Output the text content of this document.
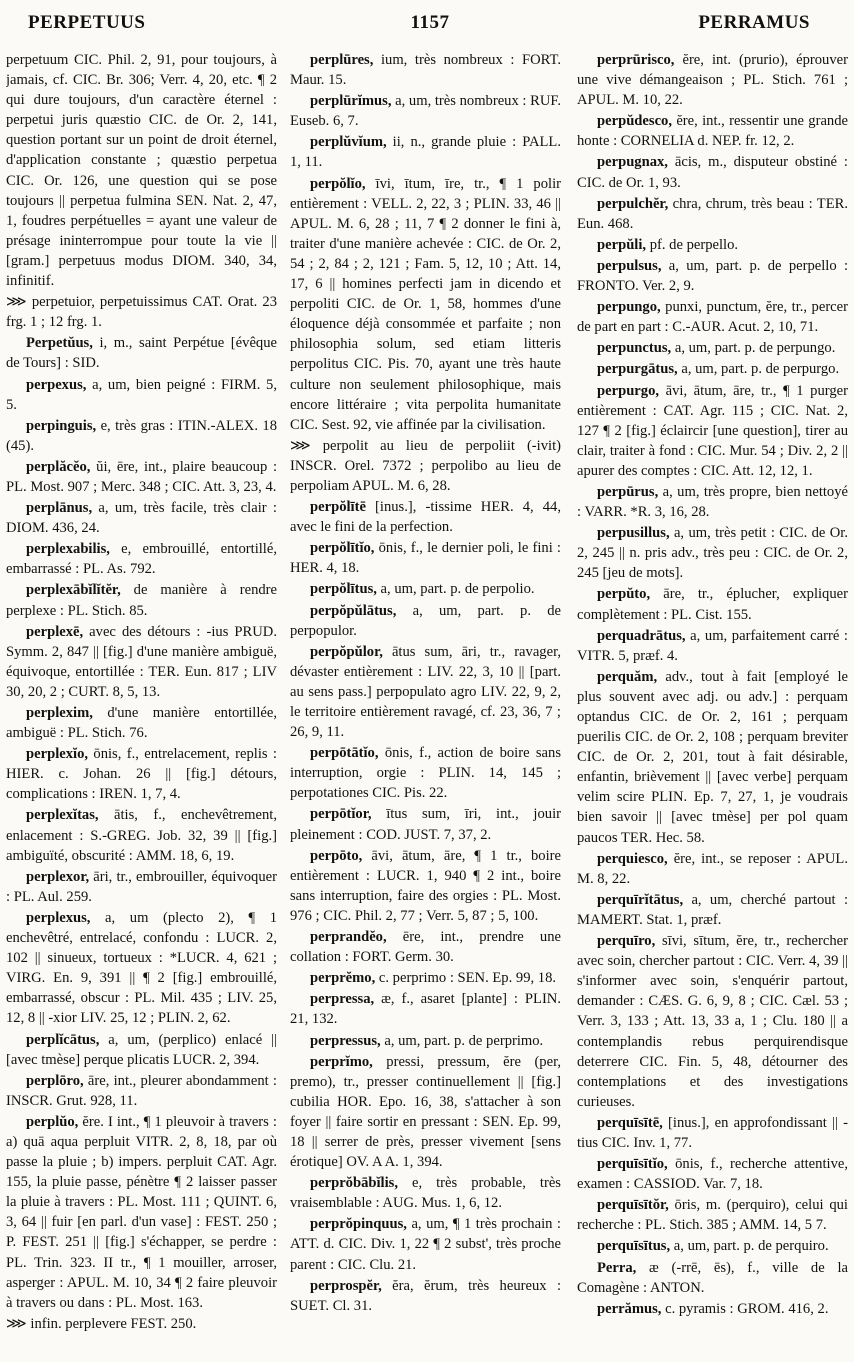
PERPETUUS	1157	PERRAMUS

perpetuum CIC. Phil. 2, 91, pour toujours, à jamais, cf. CIC. Br. 306; Verr. 4, 20, etc. ¶ 2 qui dure toujours, d'un caractère éternel : perpetui juris quæstio CIC. de Or. 2, 141, question portant sur un point de droit éternel, d'application constante ; quæstio perpetua CIC. Or. 126, une question qui se pose toujours || perpetua fulmina SEN. Nat. 2, 47, 1, foudres perpétuelles = ayant une valeur de présage ininterrompue pour toute la vie || [gram.] perpetuus modus DIOM. 340, 34, infinitif.

⋙ perpetuior, perpetuissimus CAT. Orat. 23 frg. 1 ; 12 frg. 1.

Perpetŭus, i, m., saint Perpétue [évêque de Tours] : SID.

perpexus, a, um, bien peigné : FIRM. 5, 5.

perpinguis, e, très gras : ITIN.-ALEX. 18 (45).

perplăcĕo, ŭi, ēre, int., plaire beaucoup : PL. Most. 907 ; Merc. 348 ; CIC. Att. 3, 23, 4.

perplānus, a, um, très facile, très clair : DIOM. 436, 24.

perplexabilis, e, embrouillé, entortillé, embarrassé : PL. As. 792.

perplexābĭlĭtĕr, de manière à rendre perplexe : PL. Stich. 85.

perplexē, avec des détours : -ius PRUD. Symm. 2, 847 || [fig.] d'une manière ambiguë, équivoque, entortillée : TER. Eun. 817 ; LIV 30, 20, 2 ; CURT. 8, 5, 13.

perplexim, d'une manière entortillée, ambiguë : PL. Stich. 76.

perplexĭo, ōnis, f., entrelacement, replis : HIER. c. Johan. 26 || [fig.] détours, complications : IREN. 1, 7, 4.

perplexĭtas, ātis, f., enchevêtrement, enlacement : S.-GREG. Job. 32, 39 || [fig.] ambiguïté, obscurité : AMM. 18, 6, 19.

perplexor, āri, tr., embrouiller, équivoquer : PL. Aul. 259.

perplexus, a, um (plecto 2), ¶ 1 enchevêtré, entrelacé, confondu : LUCR. 2, 102 || sinueux, tortueux : *LUCR. 4, 621 ; VIRG. En. 9, 391 || ¶ 2 [fig.] embrouillé, embarrassé, obscur : PL. Mil. 435 ; LIV. 25, 12, 8 || -xior LIV. 25, 12 ; PLIN. 2, 62.

perplĭcātus, a, um, (perplico) enlacé || [avec tmèse] perque plicatis LUCR. 2, 394.

perplōro, āre, int., pleurer abondamment : INSCR. Grut. 928, 11.

perplŭo, ĕre. I int., ¶ 1 pleuvoir à travers : a) quā aqua perpluit VITR. 2, 8, 18, par où passe la pluie ; b) impers. perpluit CAT. Agr. 155, la pluie passe, pénètre ¶ 2 laisser passer la pluie à travers : PL. Most. 111 ; QUINT. 6, 3, 64 || fuir [en parl. d'un vase] : FEST. 250 ; P. FEST. 251 || [fig.] s'échapper, se perdre : PL. Trin. 323. II tr., ¶ 1 mouiller, arroser, asperger : APUL. M. 10, 34 ¶ 2 faire pleuvoir à travers ou dans : PL. Most. 163.

⋙ infin. perplevere FEST. 250.

perplūres, ium, très nombreux : FORT. Maur. 15.

perplūrĭmus, a, um, très nombreux : RUF. Euseb. 6, 7.

perplŭvĭum, ii, n., grande pluie : PALL. 1, 11.

perpŏlĭo, īvi, ītum, īre, tr., ¶ 1 polir entièrement : VELL. 2, 22, 3 ; PLIN. 33, 46 || APUL. M. 6, 28 ; 11, 7 ¶ 2 donner le fini à, traiter d'une manière achevée : CIC. de Or. 2, 54 ; 2, 84 ; 2, 121 ; Fam. 5, 12, 10 ; Att. 14, 17, 6 || homines perfecti jam in dicendo et perpoliti CIC. de Or. 1, 58, hommes d'une éloquence déjà consommée et parfaite ; non philosophia solum, sed etiam litteris perpolitus CIC. Pis. 70, ayant une très haute culture non seulement philosophique, mais encore littéraire ; vita perpolita humanitate CIC. Sest. 92, vie affinée par la civilisation.

⋙ perpolit au lieu de perpoliit (-ivit) INSCR. Orel. 7372 ; perpolibo au lieu de perpoliam APUL. M. 6, 28.

perpŏlītē [inus.], -tissime HER. 4, 44, avec le fini de la perfection.

perpŏlītĭo, ōnis, f., le dernier poli, le fini : HER. 4, 18.

perpŏlītus, a, um, part. p. de perpolio.

perpŏpŭlātus, a, um, part. p. de perpopulor.

perpŏpŭlor, ātus sum, āri, tr., ravager, dévaster entièrement : LIV. 22, 3, 10 || [part. au sens pass.] perpopulato agro LIV. 22, 9, 2, le territoire entièrement ravagé, cf. 23, 36, 7 ; 26, 9, 11.

perpōtātĭo, ōnis, f., action de boire sans interruption, orgie : PLIN. 14, 145 ; perpotationes CIC. Pis. 22.

perpōtĭor, ītus sum, īri, int., jouir pleinement : COD. JUST. 7, 37, 2.

perpōto, āvi, ātum, āre, ¶ 1 tr., boire entièrement : LUCR. 1, 940 ¶ 2 int., boire sans interruption, faire des orgies : PL. Most. 976 ; CIC. Phil. 2, 77 ; Verr. 5, 87 ; 5, 100.

perprandĕo, ēre, int., prendre une collation : FORT. Germ. 30.

perprĕmo, c. perprimo : SEN. Ep. 99, 18.

perpressa, æ, f., asaret [plante] : PLIN. 21, 132.

perpressus, a, um, part. p. de perprimo.

perprĭmo, pressi, pressum, ĕre (per, premo), tr., presser continuellement || [fig.] cubilia HOR. Epo. 16, 38, s'attacher à son foyer || faire sortir en pressant : SEN. Ep. 99, 18 || serrer de près, presser vivement [sens érotique] OV. A A. 1, 394.

perprŏbābĭlis, e, très probable, très vraisemblable : AUG. Mus. 1, 6, 12.

perprŏpinquus, a, um, ¶ 1 très prochain : ATT. d. CIC. Div. 1, 22 ¶ 2 subst', très proche parent : CIC. Clu. 21.

perprospĕr, ĕra, ĕrum, très heureux : SUET. Cl. 31.

perprūrisco, ĕre, int. (prurio), éprouver une vive démangeaison ; PL. Stich. 761 ; APUL. M. 10, 22.

perpŭdesco, ĕre, int., ressentir une grande honte : CORNELIA d. NEP. fr. 12, 2.

perpugnax, ācis, m., disputeur obstiné : CIC. de Or. 1, 93.

perpulchĕr, chra, chrum, très beau : TER. Eun. 468.

perpŭli, pf. de perpello.

perpulsus, a, um, part. p. de perpello : FRONTO. Ver. 2, 9.

perpungo, punxi, punctum, ĕre, tr., percer de part en part : C.-AUR. Acut. 2, 10, 71.

perpunctus, a, um, part. p. de perpungo.

perpurgātus, a, um, part. p. de perpurgo.

perpurgo, āvi, ātum, āre, tr., ¶ 1 purger entièrement : CAT. Agr. 115 ; CIC. Nat. 2, 127 ¶ 2 [fig.] éclaircir [une question], tirer au clair, traiter à fond : CIC. Mur. 54 ; Div. 2, 2 || apurer des comptes : CIC. Att. 12, 12, 1.

perpūrus, a, um, très propre, bien nettoyé : VARR. *R. 3, 16, 28.

perpusillus, a, um, très petit : CIC. de Or. 2, 245 || n. pris adv., très peu : CIC. de Or. 2, 245 [jeu de mots].

perpŭto, āre, tr., éplucher, expliquer complètement : PL. Cist. 155.

perquadrātus, a, um, parfaitement carré : VITR. 5, præf. 4.

perquăm, adv., tout à fait [employé le plus souvent avec adj. ou adv.] : perquam optandus CIC. de Or. 2, 161 ; perquam puerilis CIC. de Or. 2, 108 ; perquam breviter CIC. de Or. 2, 201, tout à fait désirable, enfantin, brièvement || [avec verbe] perquam velim scire PLIN. Ep. 7, 27, 1, je voudrais bien savoir || [avec tmèse] per pol quam paucos TER. Hec. 58.

perquiesco, ĕre, int., se reposer : APUL. M. 8, 22.

perquīrĭtātus, a, um, cherché partout : MAMERT. Stat. 1, præf.

perquīro, sīvi, sītum, ĕre, tr., rechercher avec soin, chercher partout : CIC. Verr. 4, 39 || s'informer avec soin, s'enquérir partout, demander : CÆS. G. 6, 9, 8 ; CIC. Cæl. 53 ; Verr. 3, 133 ; Att. 13, 33 a, 1 ; Clu. 180 || a contemplandis rebus perquirendisque deterrere CIC. Fin. 5, 48, détourner des contemplations et des investigations curieuses.

perquīsītē, [inus.], en approfondissant || -tius CIC. Inv. 1, 77.

perquīsītĭo, ōnis, f., recherche attentive, examen : CASSIOD. Var. 7, 18.

perquīsītŏr, ōris, m. (perquiro), celui qui recherche : PL. Stich. 385 ; AMM. 14, 5 7.

perquīsītus, a, um, part. p. de perquiro.

Perra, æ (-rrē, ēs), f., ville de la Comagène : ANTON.

perrămus, c. pyramis : GROM. 416, 2.
